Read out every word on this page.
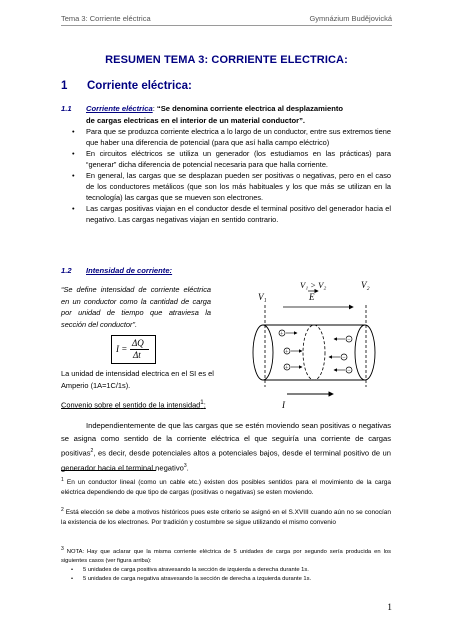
Tema 3: Corriente eléctrica	Gymnázium Budějovická
RESUMEN TEMA 3: CORRIENTE ELECTRICA:
1 Corriente eléctrica:
1.1 Corriente eléctrica: “Se denomina corriente electrica al desplazamiento
de cargas electricas en el interior de un material conductor”.
• Para que se produzca corriente electrica a lo largo de un conductor, entre sus extremos tiene que haber una diferencia de potencial (para que así halla campo eléctrico)
• En circuitos eléctricos se utiliza un generador (los estudiamos en las prácticas) para “generar” dicha diferencia de potencial necesaria para que halla corriente.
• En general, las cargas que se desplazan pueden ser positivas o negativas, pero en el caso de los conductores metálicos (que son los más habituales y los que más se utilizan en la tecnología) las cargas que se mueven son electrones.
• Las cargas positivas viajan en el conductor desde el terminal positivo del generador hacia el negativo. Las cargas negativas viajan en sentido contrario.
1.2 Intensidad de corriente:
“Se define intensidad de corriente eléctrica en un conductor como la cantidad de carga por unidad de tiempo que atraviesa la sección del conductor”.
I =
ΔQ
Δt
La unidad de intensidad electrica en el SI es el Amperio (1A=1C/1s).
Convenio sobre el sentido de la intensidad$^1$:
V₁
V₂
V₁ > V₂
E
+
+
+
−
−
−
I
Independientemente de que las cargas que se estén moviendo sean positivas o negativas se asigna como sentido de la corriente eléctrica el que seguiría una corriente de cargas positivas$^2$, es decir, desde potenciales altos a potenciales bajos, desde el terminal positivo de un generador hacia el terminal negativo$^3$.
$^1$ En un conductor lineal (como un cable etc.) existen dos posibles sentidos para el movimiento de la carga eléctrica dependiendo de que tipo de cargas (positivas o negativas) se esten moviendo.
$^2$ Está elección se debe a motivos históricos pues este criterio se asignó en el S.XVIII cuando aún no se conocían la existencia de los electrones. Por tradición y costumbre se sigue utilizando el mismo convenio
$^3$ NOTA: Hay que aclarar que la misma corriente eléctrica de 5 unidades de carga por segundo sería producida en los siguientes casos (ver figura arriba):
• 5 unidades de carga positiva atravesando la sección de izquierda a derecha durante 1s.
• 5 unidades de carga negativa atravesando la sección de derecha a izquierda durante 1s.
1
